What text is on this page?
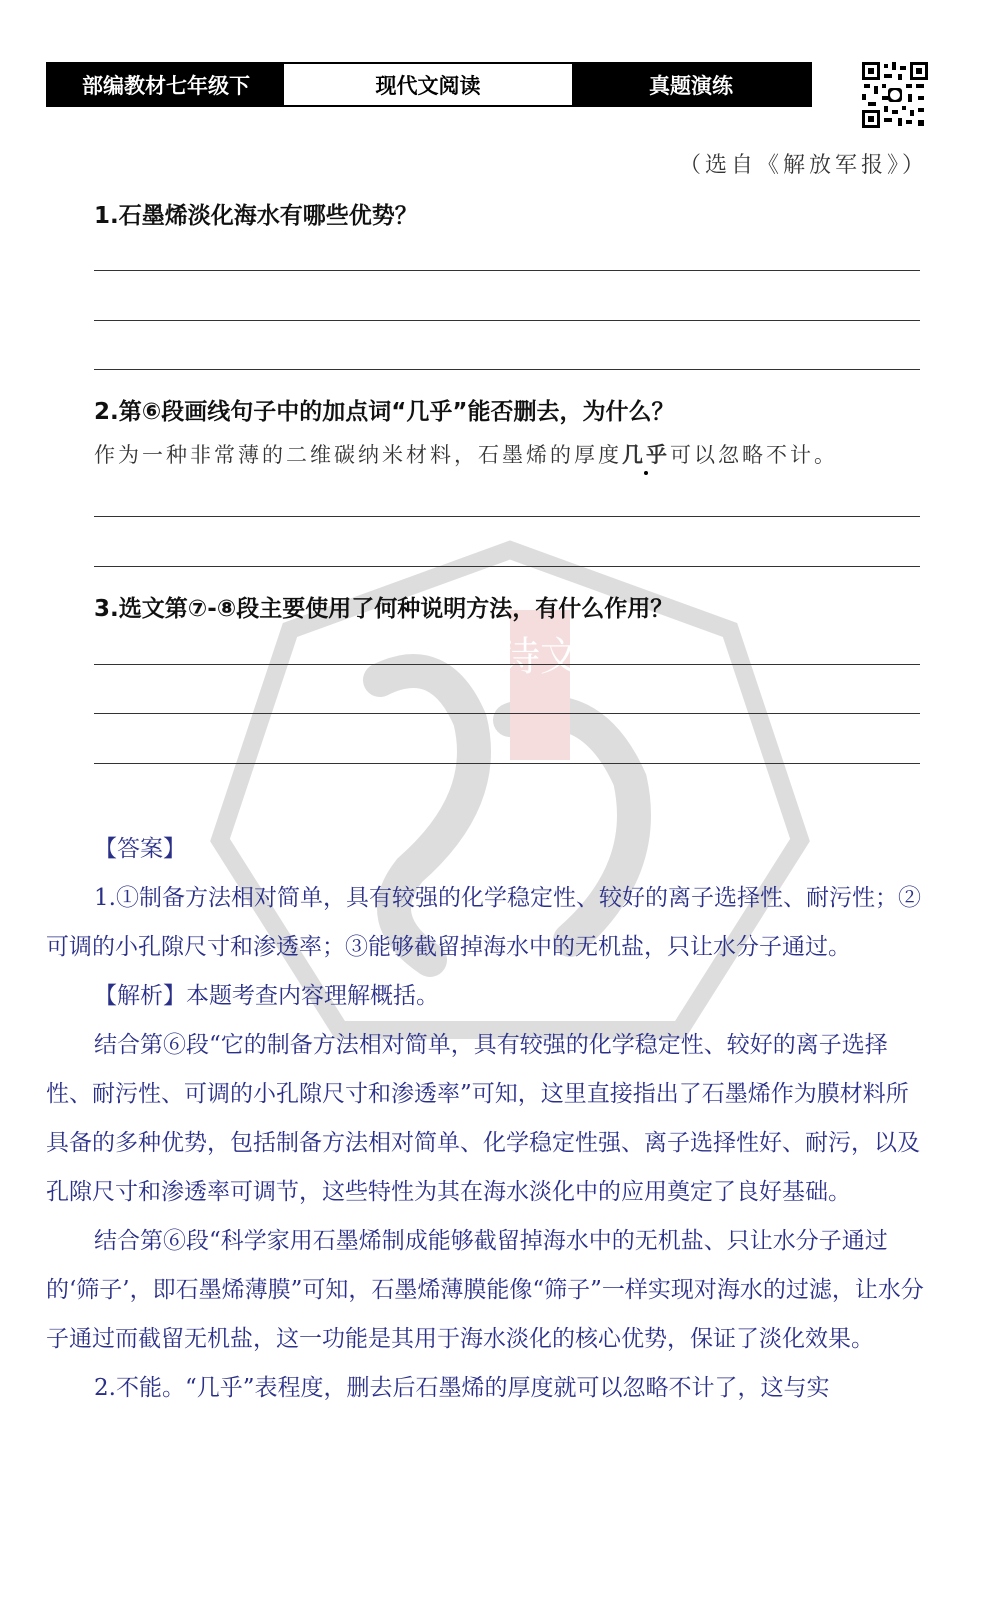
部编教材七年级下	现代文阅读	真题演练
诗文
（选自《解放军报》）
1.石墨烯淡化海水有哪些优势？
2.第⑥段画线句子中的加点词“几乎”能否删去，为什么？
作为一种非常薄的二维碳纳米材料，石墨烯的厚度几乎可以忽略不计。
3.选文第⑦-⑧段主要使用了何种说明方法，有什么作用？

【答案】

1.①制备方法相对简单，具有较强的化学稳定性、较好的离子选择性、耐污性；②可调的小孔隙尺寸和渗透率；③能够截留掉海水中的无机盐，只让水分子通过。

【解析】本题考查内容理解概括。

结合第⑥段“它的制备方法相对简单，具有较强的化学稳定性、较好的离子选择性、耐污性、可调的小孔隙尺寸和渗透率”可知，这里直接指出了石墨烯作为膜材料所具备的多种优势，包括制备方法相对简单、化学稳定性强、离子选择性好、耐污，以及孔隙尺寸和渗透率可调节，这些特性为其在海水淡化中的应用奠定了良好基础。

结合第⑥段“科学家用石墨烯制成能够截留掉海水中的无机盐、只让水分子通过的‘筛子’，即石墨烯薄膜”可知，石墨烯薄膜能像“筛子”一样实现对海水的过滤，让水分子通过而截留无机盐，这一功能是其用于海水淡化的核心优势，保证了淡化效果。

2.不能。“几乎”表程度，删去后石墨烯的厚度就可以忽略不计了，这与实
